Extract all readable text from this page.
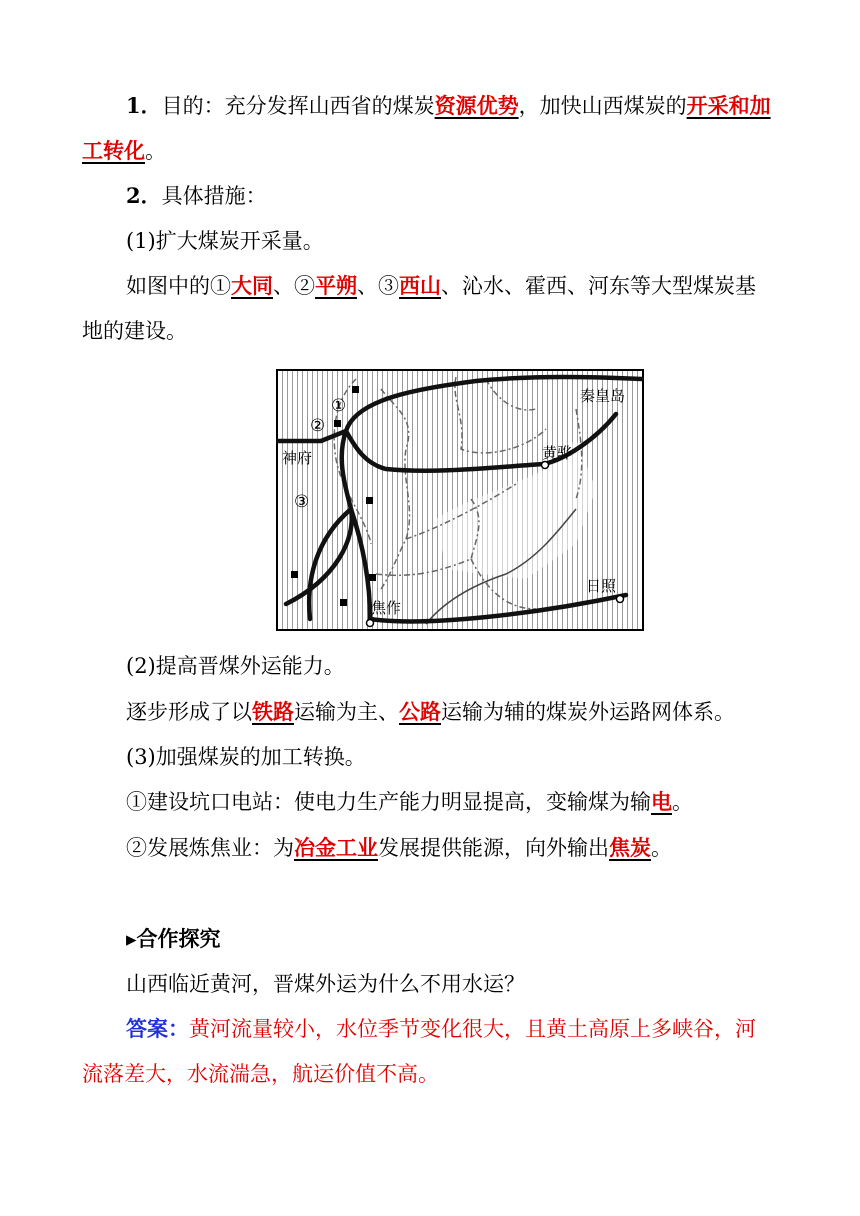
1．目的：充分发挥山西省的煤炭资源优势，加快山西煤炭的开采和加
工转化。
2．具体措施：
(1)扩大煤炭开采量。
如图中的①大同、②平朔、③西山、沁水、霍西、河东等大型煤炭基
地的建设。
秦皇岛
黄骅
神府
焦作
日照
①
②
③
(2)提高晋煤外运能力。
逐步形成了以铁路运输为主、公路运输为辅的煤炭外运路网体系。
(3)加强煤炭的加工转换。
①建设坑口电站：使电力生产能力明显提高，变输煤为输电。
②发展炼焦业：为冶金工业发展提供能源，向外输出焦炭。
▸合作探究
山西临近黄河，晋煤外运为什么不用水运？
答案：黄河流量较小，水位季节变化很大，且黄土高原上多峡谷，河
流落差大，水流湍急，航运价值不高。
